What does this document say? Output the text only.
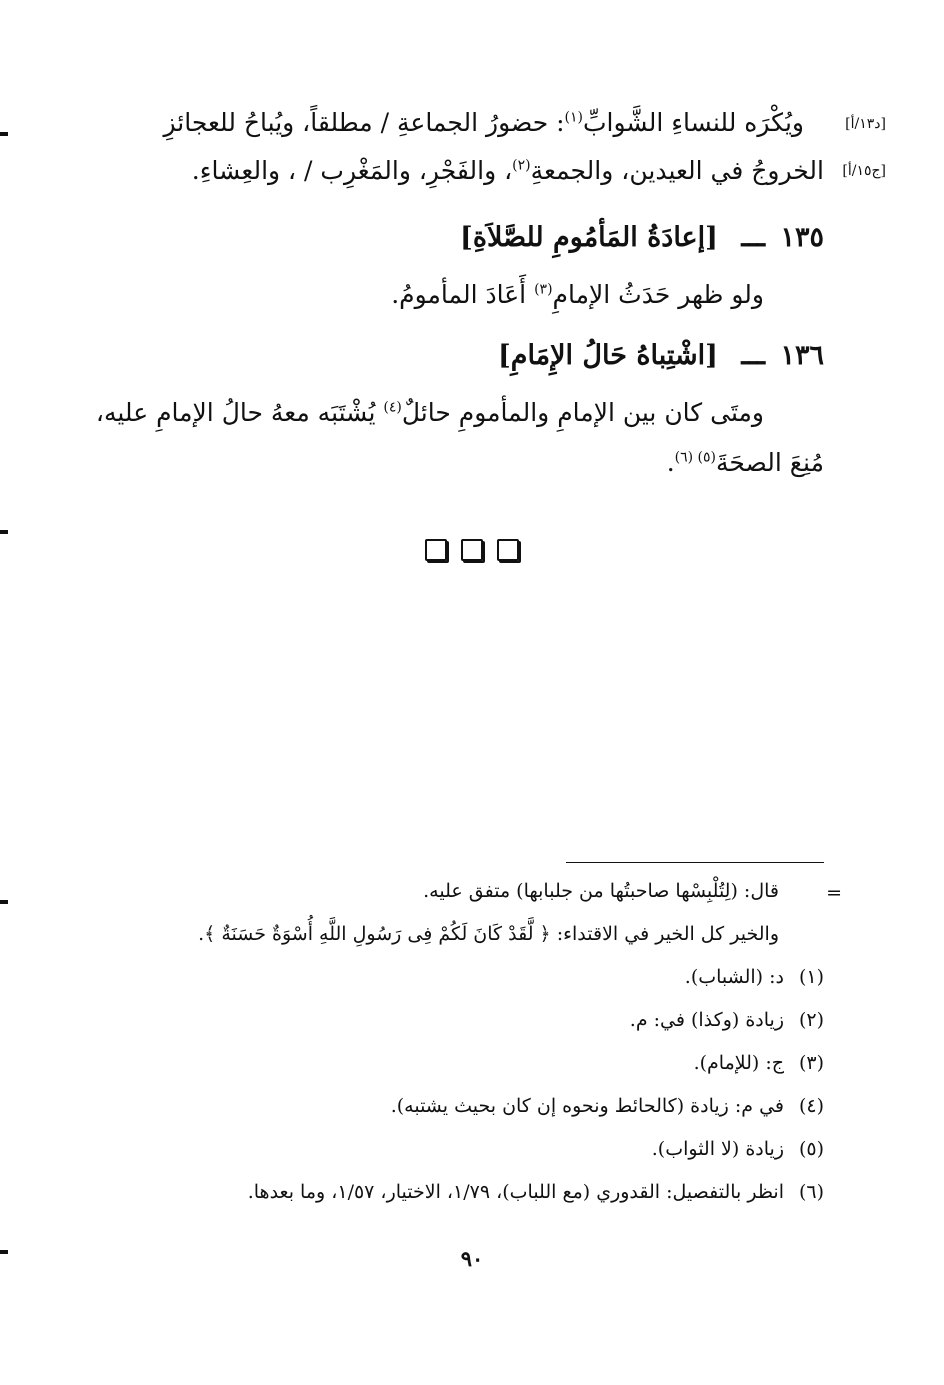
[د١٣/أ]
[ج١٥/أ]
ويُكْرَه للنساءِ الشَّوابِّ$^{(١)}$: حضورُ الجماعةِ / مطلقاً، ويُباحُ للعجائزِ
الخروجُ في العيدين، والجمعةِ$^{(٢)}$، والفَجْرِ، والمَغْرِب / ، والعِشاءِ.
١٣٥ ـــ [إعادَةُ المَأمُومِ للصَّلاَةِ]
ولو ظهر حَدَثُ الإمامِ$^{(٣)}$ أَعَادَ المأمومُ.
١٣٦ ـــ [اشْتِباهُ حَالُ الإِمَامِ]
ومتَى كان بين الإمامِ والمأمومِ حائلٌ$^{(٤)}$ يُشْتَبَه معهُ حالُ الإمامِ عليه،
مُنِعَ الصحَةَ$^{(٥) (٦)}$.
=
قال: (لِتُلْبِسْها صاحبتُها من جلبابها) متفق عليه.
والخير كل الخير في الاقتداء: ﴿ لَّقَدْ كَانَ لَكُمْ فِى رَسُولِ اللَّهِ أُسْوَةٌ حَسَنَةٌ ﴾.
(١)د: (الشباب).
(٢)زيادة (وكذا) في: م.
(٣)ج: (للإمام).
(٤)في م: زيادة (كالحائط ونحوه إن كان بحيث يشتبه).
(٥)زيادة (لا الثواب).
(٦)انظر بالتفصيل: القدوري (مع اللباب)، ١/٧٩، الاختيار، ١/٥٧، وما بعدها.
٩٠
